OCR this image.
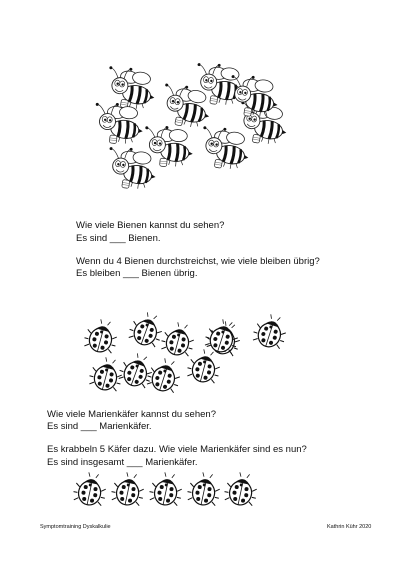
Wie viele Bienen kannst du sehen?
Es sind ___ Bienen.
Wenn du 4 Bienen durchstreichst, wie viele bleiben übrig?
Es bleiben ___ Bienen übrig.
Wie viele Marienkäfer kannst du sehen?
Es sind ___ Marienkäfer.
Es krabbeln 5 Käfer dazu. Wie viele Marienkäfer sind es nun?
Es sind insgesamt ___ Marienkäfer.
Symptomtraining Dyskalkulie	Kathrin Kühr 2020
